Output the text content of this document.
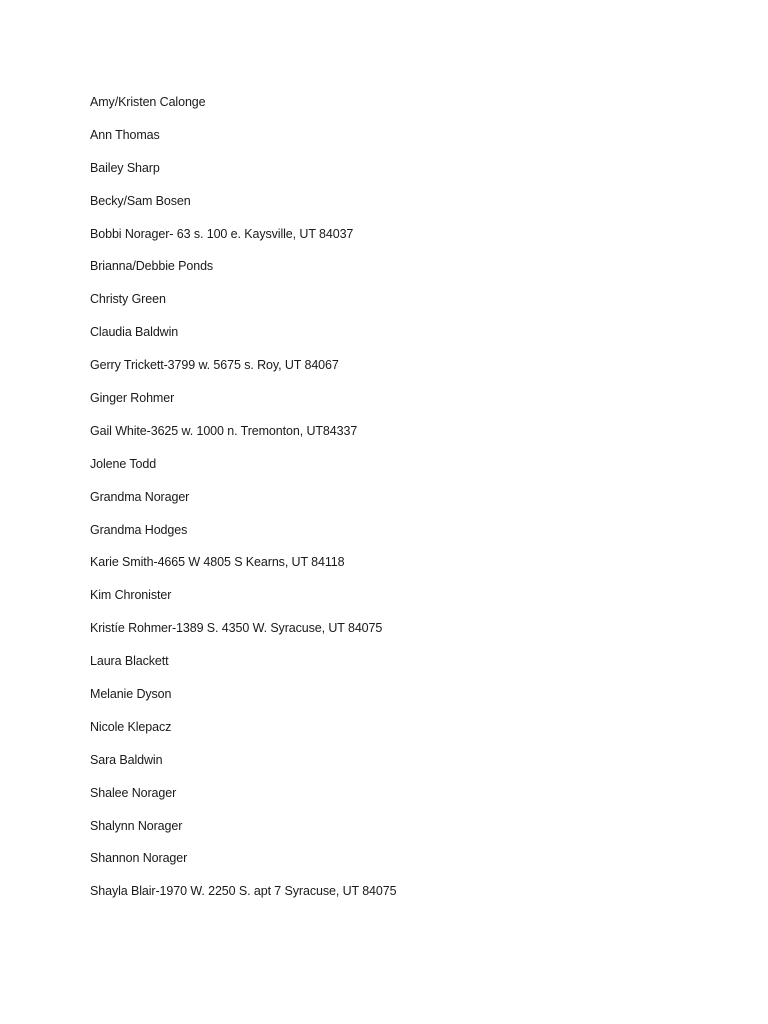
Amy/Kristen Calonge
Ann Thomas
Bailey Sharp
Becky/Sam Bosen
Bobbi Norager- 63 s. 100 e. Kaysville, UT 84037
Brianna/Debbie Ponds
Christy Green
Claudia Baldwin
Gerry Trickett-3799 w. 5675 s. Roy, UT 84067
Ginger Rohmer
Gail White-3625 w. 1000 n. Tremonton, UT84337
Jolene Todd
Grandma Norager
Grandma Hodges
Karie Smith-4665 W 4805 S Kearns, UT 84118
Kim Chronister
Kristíe Rohmer-1389 S. 4350 W. Syracuse, UT 84075
Laura Blackett
Melanie Dyson
Nicole Klepacz
Sara Baldwin
Shalee Norager
Shalynn Norager
Shannon Norager
Shayla Blair-1970 W. 2250 S. apt 7 Syracuse, UT 84075
